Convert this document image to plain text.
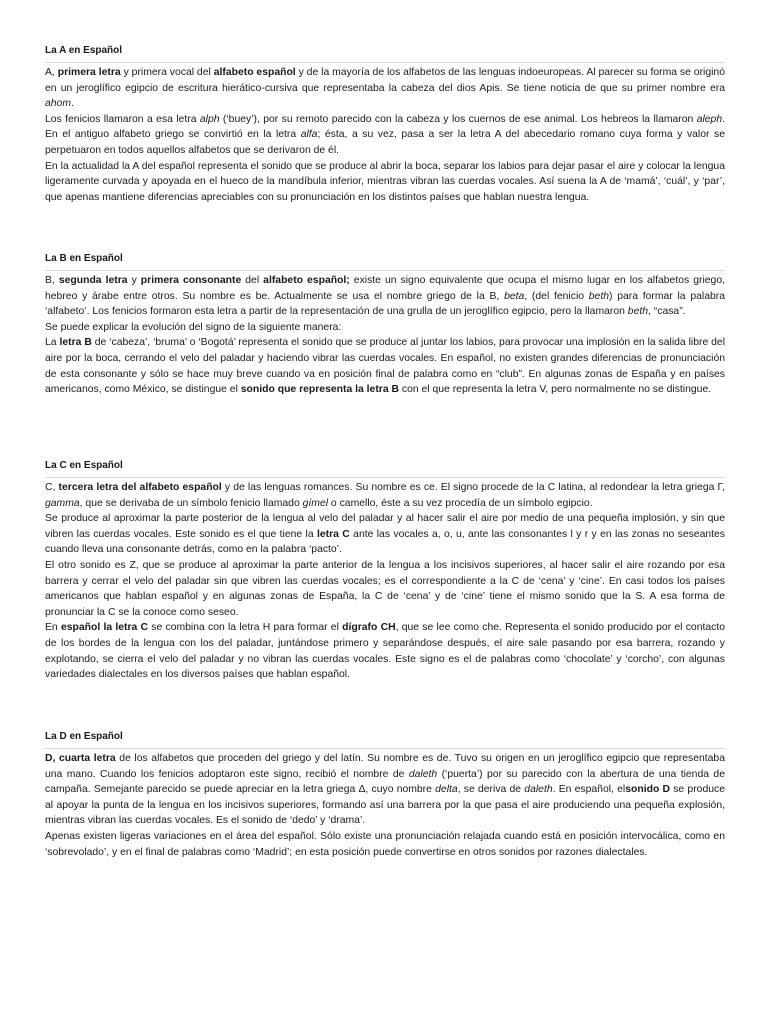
La A en Español

A, primera letra y primera vocal del alfabeto español y de la mayoría de los alfabetos de las lenguas indoeuropeas. Al parecer su forma se originó en un jeroglífico egipcio de escritura hierático-cursiva que representaba la cabeza del dios Apis. Se tiene noticia de que su primer nombre era ahom.

Los fenicios llamaron a esa letra alph (‘buey’), por su remoto parecido con la cabeza y los cuernos de ese animal. Los hebreos la llamaron aleph. En el antiguo alfabeto griego se convirtió en la letra alfa; ésta, a su vez, pasa a ser la letra A del abecedario romano cuya forma y valor se perpetuaron en todos aquellos alfabetos que se derivaron de él.

En la actualidad la A del español representa el sonido que se produce al abrir la boca, separar los labios para dejar pasar el aire y colocar la lengua ligeramente curvada y apoyada en el hueco de la mandíbula inferior, mientras vibran las cuerdas vocales. Así suena la A de ‘mamá’, ‘cuál’, y ‘par’, que apenas mantiene diferencias apreciables con su pronunciación en los distintos países que hablan nuestra lengua.

La B en Español

B, segunda letra y primera consonante del alfabeto español; existe un signo equivalente que ocupa el mismo lugar en los alfabetos griego, hebreo y árabe entre otros. Su nombre es be. Actualmente se usa el nombre griego de la B, beta, (del fenicio beth) para formar la palabra ‘alfabeto’. Los fenicios formaron esta letra a partir de la representación de una grulla de un jeroglífico egipcio, pero la llamaron beth, “casa”.

Se puede explicar la evolución del signo de la siguiente manera:

La letra B de ‘cabeza’, ‘bruma’ o ‘Bogotá’ representa el sonido que se produce al juntar los labios, para provocar una implosión en la salida libre del aire por la boca, cerrando el velo del paladar y haciendo vibrar las cuerdas vocales. En español, no existen grandes diferencias de pronunciación de esta consonante y sólo se hace muy breve cuando va en posición final de palabra como en “club”. En algunas zonas de España y en países americanos, como México, se distingue el sonido que representa la letra B con el que representa la letra V, pero normalmente no se distingue.

La C en Español

C, tercera letra del alfabeto español y de las lenguas romances. Su nombre es ce. El signo procede de la C latina, al redondear la letra griega Γ, gamma, que se derivaba de un símbolo fenicio llamado gímel o camello, éste a su vez procedía de un símbolo egipcio.

Se produce al aproximar la parte posterior de la lengua al velo del paladar y al hacer salir el aire por medio de una pequeña implosión, y sin que vibren las cuerdas vocales. Este sonido es el que tiene la letra C ante las vocales a, o, u, ante las consonantes l y r y en las zonas no seseantes cuando lleva una consonante detrás, como en la palabra ‘pacto’.

El otro sonido es Z, que se produce al aproximar la parte anterior de la lengua a los incisivos superiores, al hacer salir el aire rozando por esa barrera y cerrar el velo del paladar sin que vibren las cuerdas vocales; es el correspondiente a la C de ‘cena’ y ‘cine’. En casi todos los países americanos que hablan español y en algunas zonas de España, la C de ‘cena’ y de ‘cine’ tiene el mismo sonido que la S. A esa forma de pronunciar la C se la conoce como seseo.

En español la letra C se combina con la letra H para formar el dígrafo CH, que se lee como che. Representa el sonido producido por el contacto de los bordes de la lengua con los del paladar, juntándose primero y separándose después, el aire sale pasando por esa barrera, rozando y explotando, se cierra el velo del paladar y no vibran las cuerdas vocales. Este signo es el de palabras como ‘chocolate’ y ‘corcho’, con algunas variedades dialectales en los diversos países que hablan español.

La D en Español

D, cuarta letra de los alfabetos que proceden del griego y del latín. Su nombre es de. Tuvo su origen en un jeroglífico egipcio que representaba una mano. Cuando los fenicios adoptaron este signo, recibió el nombre de daleth (‘puerta’) por su parecido con la abertura de una tienda de campaña. Semejante parecido se puede apreciar en la letra griega Δ, cuyo nombre delta, se deriva de daleth. En español, elsonido D se produce al apoyar la punta de la lengua en los incisivos superiores, formando así una barrera por la que pasa el aire produciendo una pequeña explosión, mientras vibran las cuerdas vocales. Es el sonido de ‘dedo’ y ‘drama’.

Apenas existen ligeras variaciones en el área del español. Sólo existe una pronunciación relajada cuando está en posición intervocálica, como en ‘sobrevolado’, y en el final de palabras como ‘Madrid’; en esta posición puede convertirse en otros sonidos por razones dialectales.
